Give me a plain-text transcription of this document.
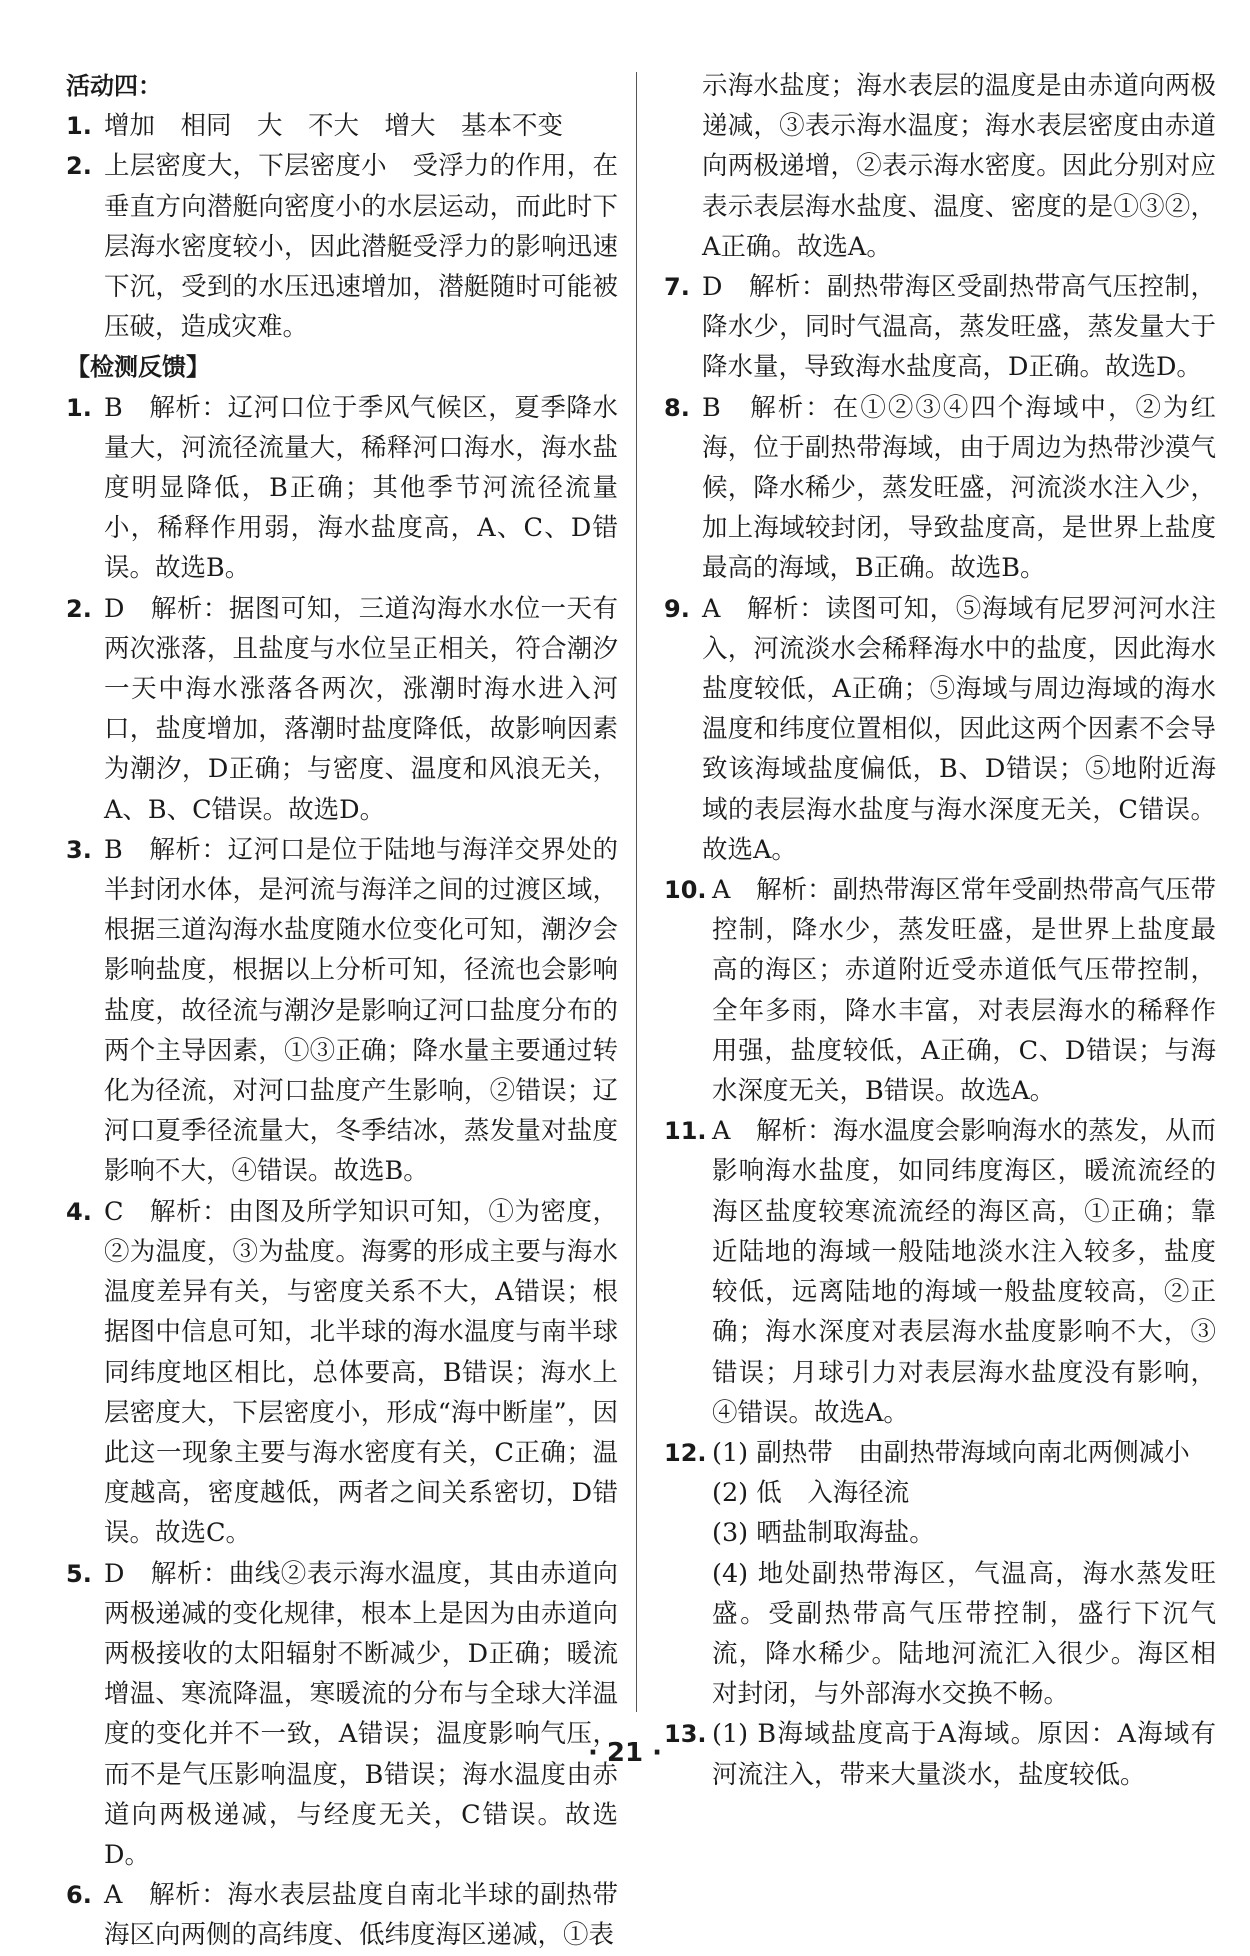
活动四：
1. 增加　相同　大　不大　增大　基本不变
2. 上层密度大，下层密度小　受浮力的作用，在垂直方向潜艇向密度小的水层运动，而此时下层海水密度较小，因此潜艇受浮力的影响迅速下沉，受到的水压迅速增加，潜艇随时可能被压破，造成灾难。
【检测反馈】
1. B　解析：辽河口位于季风气候区，夏季降水量大，河流径流量大，稀释河口海水，海水盐度明显降低，B正确；其他季节河流径流量小，稀释作用弱，海水盐度高，A、C、D错误。故选B。
2. D　解析：据图可知，三道沟海水水位一天有两次涨落，且盐度与水位呈正相关，符合潮汐一天中海水涨落各两次，涨潮时海水进入河口，盐度增加，落潮时盐度降低，故影响因素为潮汐，D正确；与密度、温度和风浪无关，A、B、C错误。故选D。
3. B　解析：辽河口是位于陆地与海洋交界处的半封闭水体，是河流与海洋之间的过渡区域，根据三道沟海水盐度随水位变化可知，潮汐会影响盐度，根据以上分析可知，径流也会影响盐度，故径流与潮汐是影响辽河口盐度分布的两个主导因素，①③正确；降水量主要通过转化为径流，对河口盐度产生影响，②错误；辽河口夏季径流量大，冬季结冰，蒸发量对盐度影响不大，④错误。故选B。
4. C　解析：由图及所学知识可知，①为密度，②为温度，③为盐度。海雾的形成主要与海水温度差异有关，与密度关系不大，A错误；根据图中信息可知，北半球的海水温度与南半球同纬度地区相比，总体要高，B错误；海水上层密度大，下层密度小，形成“海中断崖”，因此这一现象主要与海水密度有关，C正确；温度越高，密度越低，两者之间关系密切，D错误。故选C。
5. D　解析：曲线②表示海水温度，其由赤道向两极递减的变化规律，根本上是因为由赤道向两极接收的太阳辐射不断减少，D正确；暖流增温、寒流降温，寒暖流的分布与全球大洋温度的变化并不一致，A错误；温度影响气压，而不是气压影响温度，B错误；海水温度由赤道向两极递减，与经度无关，C错误。故选D。
6. A　解析：海水表层盐度自南北半球的副热带海区向两侧的高纬度、低纬度海区递减，①表
示海水盐度；海水表层的温度是由赤道向两极递减，③表示海水温度；海水表层密度由赤道向两极递增，②表示海水密度。因此分别对应表示表层海水盐度、温度、密度的是①③②，A正确。故选A。
7. D　解析：副热带海区受副热带高气压控制，降水少，同时气温高，蒸发旺盛，蒸发量大于降水量，导致海水盐度高，D正确。故选D。
8. B　解析：在①②③④四个海域中，②为红海，位于副热带海域，由于周边为热带沙漠气候，降水稀少，蒸发旺盛，河流淡水注入少，加上海域较封闭，导致盐度高，是世界上盐度最高的海域，B正确。故选B。
9. A　解析：读图可知，⑤海域有尼罗河河水注入，河流淡水会稀释海水中的盐度，因此海水盐度较低，A正确；⑤海域与周边海域的海水温度和纬度位置相似，因此这两个因素不会导致该海域盐度偏低，B、D错误；⑤地附近海域的表层海水盐度与海水深度无关，C错误。故选A。
10. A　解析：副热带海区常年受副热带高气压带控制，降水少，蒸发旺盛，是世界上盐度最高的海区；赤道附近受赤道低气压带控制，全年多雨，降水丰富，对表层海水的稀释作用强，盐度较低，A正确，C、D错误；与海水深度无关，B错误。故选A。
11. A　解析：海水温度会影响海水的蒸发，从而影响海水盐度，如同纬度海区，暖流流经的海区盐度较寒流流经的海区高，①正确；靠近陆地的海域一般陆地淡水注入较多，盐度较低，远离陆地的海域一般盐度较高，②正确；海水深度对表层海水盐度影响不大，③错误；月球引力对表层海水盐度没有影响，④错误。故选A。
12. (1) 副热带　由副热带海域向南北两侧减小
(2) 低　入海径流
(3) 晒盐制取海盐。
(4) 地处副热带海区，气温高，海水蒸发旺盛。受副热带高气压带控制，盛行下沉气流，降水稀少。陆地河流汇入很少。海区相对封闭，与外部海水交换不畅。
13. (1) B海域盐度高于A海域。原因：A海域有河流注入，带来大量淡水，盐度较低。
· 21 ·
